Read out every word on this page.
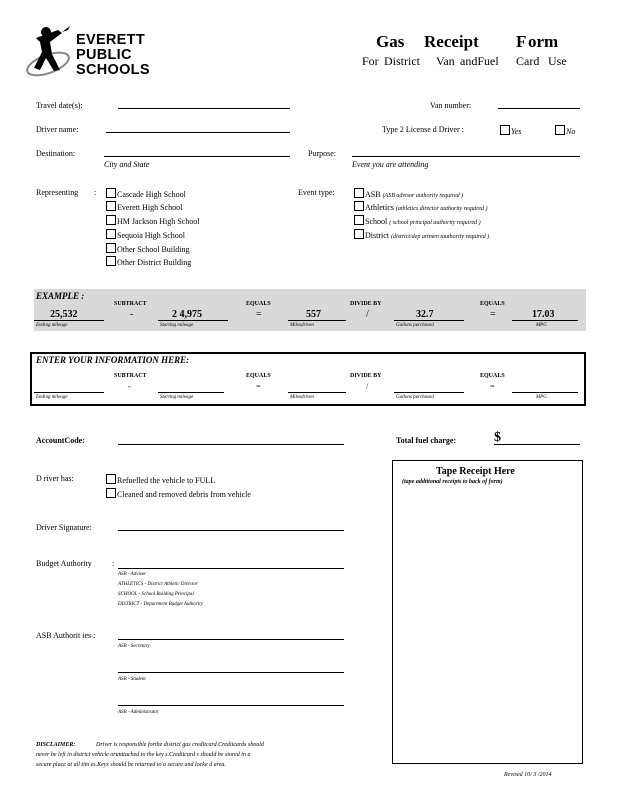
EVERETT
PUBLIC
SCHOOLS
Gas Receipt F orm
For District Van andFuel Card Use
Travel date(s):	Van number:
Driver name:	Type 2 License d Driver :	Yes	No
Destination:
City and State
Purpose:
Event you are attending
Representing :	Cascade High School
Everett High School
HM Jackson High School
Sequoia High School
Other School Building
Other District Building
Event type:	ASB (ASB advisor authority required )
Athletics (athletics director authority required )
School ( school principal authority required )
District (district/dep artmen tauthority required )
EXAMPLE :
SUBTRACT	EQUALS	DIVIDE BY	EQUALS
25,532	-	2 4,975	=	557	/	32.7	=	17.03
Ending mileage	Starting mileage	Milesdriven	Gallons purchased	MPG
ENTER YOUR INFORMATION HERE:
SUBTRACT	EQUALS	DIVIDE BY	EQUALS
-	=	/	=
Ending mileage	Starting mileage	Milesdriven	Gallons purchased	MPG
AccountCode:	Total fuel charge:	$
D river has:	Refuelled the vehicle to FULL
Cleaned and removed debris from vehicle
Tape Receipt Here
(tape additional receipts to back of form)
Driver Signature:
Budget Authority	:
ASB - Advisor
ATHLETICS - District Athletic Director
SCHOOL - School Building Principal
DISTRICT - Department Budget Authority
ASB Authorit ies :
ASB - Secretary
ASB - Student
ASB - Administrator
DISCLAIMER:	Driver is responsible forthe district gas creditcard.Creditcards should
never be left in district vehicle orunttached to the key s.Creditcard s should be stored in a
secure place at all tim es.Keys should be returned to a secure and locke d area.
Revised 10/ 3 /2014
